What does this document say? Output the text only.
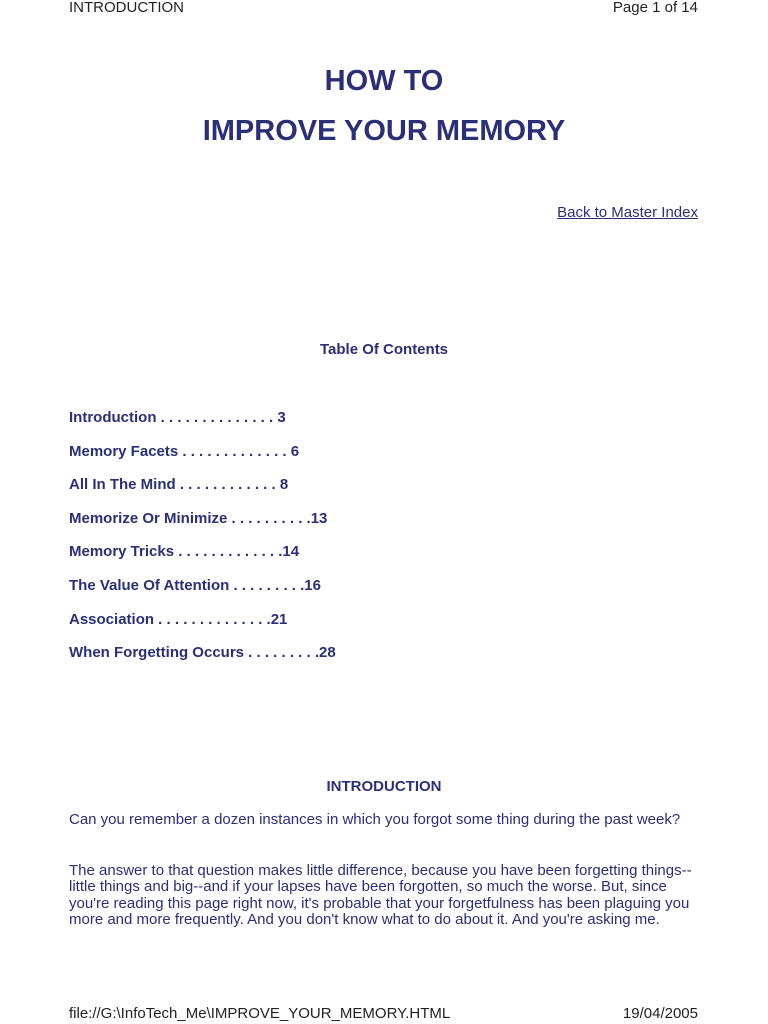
INTRODUCTION	Page 1 of 14
HOW TO
IMPROVE YOUR MEMORY
Back to Master Index
Table Of Contents
Introduction . . . . . . . . . . . . . . 3
Memory Facets . . . . . . . . . . . . . 6
All In The Mind . . . . . . . . . . . . 8
Memorize Or Minimize . . . . . . . . . .13
Memory Tricks . . . . . . . . . . . . .14
The Value Of Attention . . . . . . . . .16
Association . . . . . . . . . . . . . .21
When Forgetting Occurs . . . . . . . . .28
INTRODUCTION

Can you remember a dozen instances in which you forgot some thing during the past week?

The answer to that question makes little difference, because you have been forgetting things--little things and big--and if your lapses have been forgotten, so much the worse. But, since you're reading this page right now, it's probable that your forgetfulness has been plaguing you more and more frequently. And you don't know what to do about it. And you're asking me.

file://G:\InfoTech_Me\IMPROVE_YOUR_MEMORY.HTML	19/04/2005
